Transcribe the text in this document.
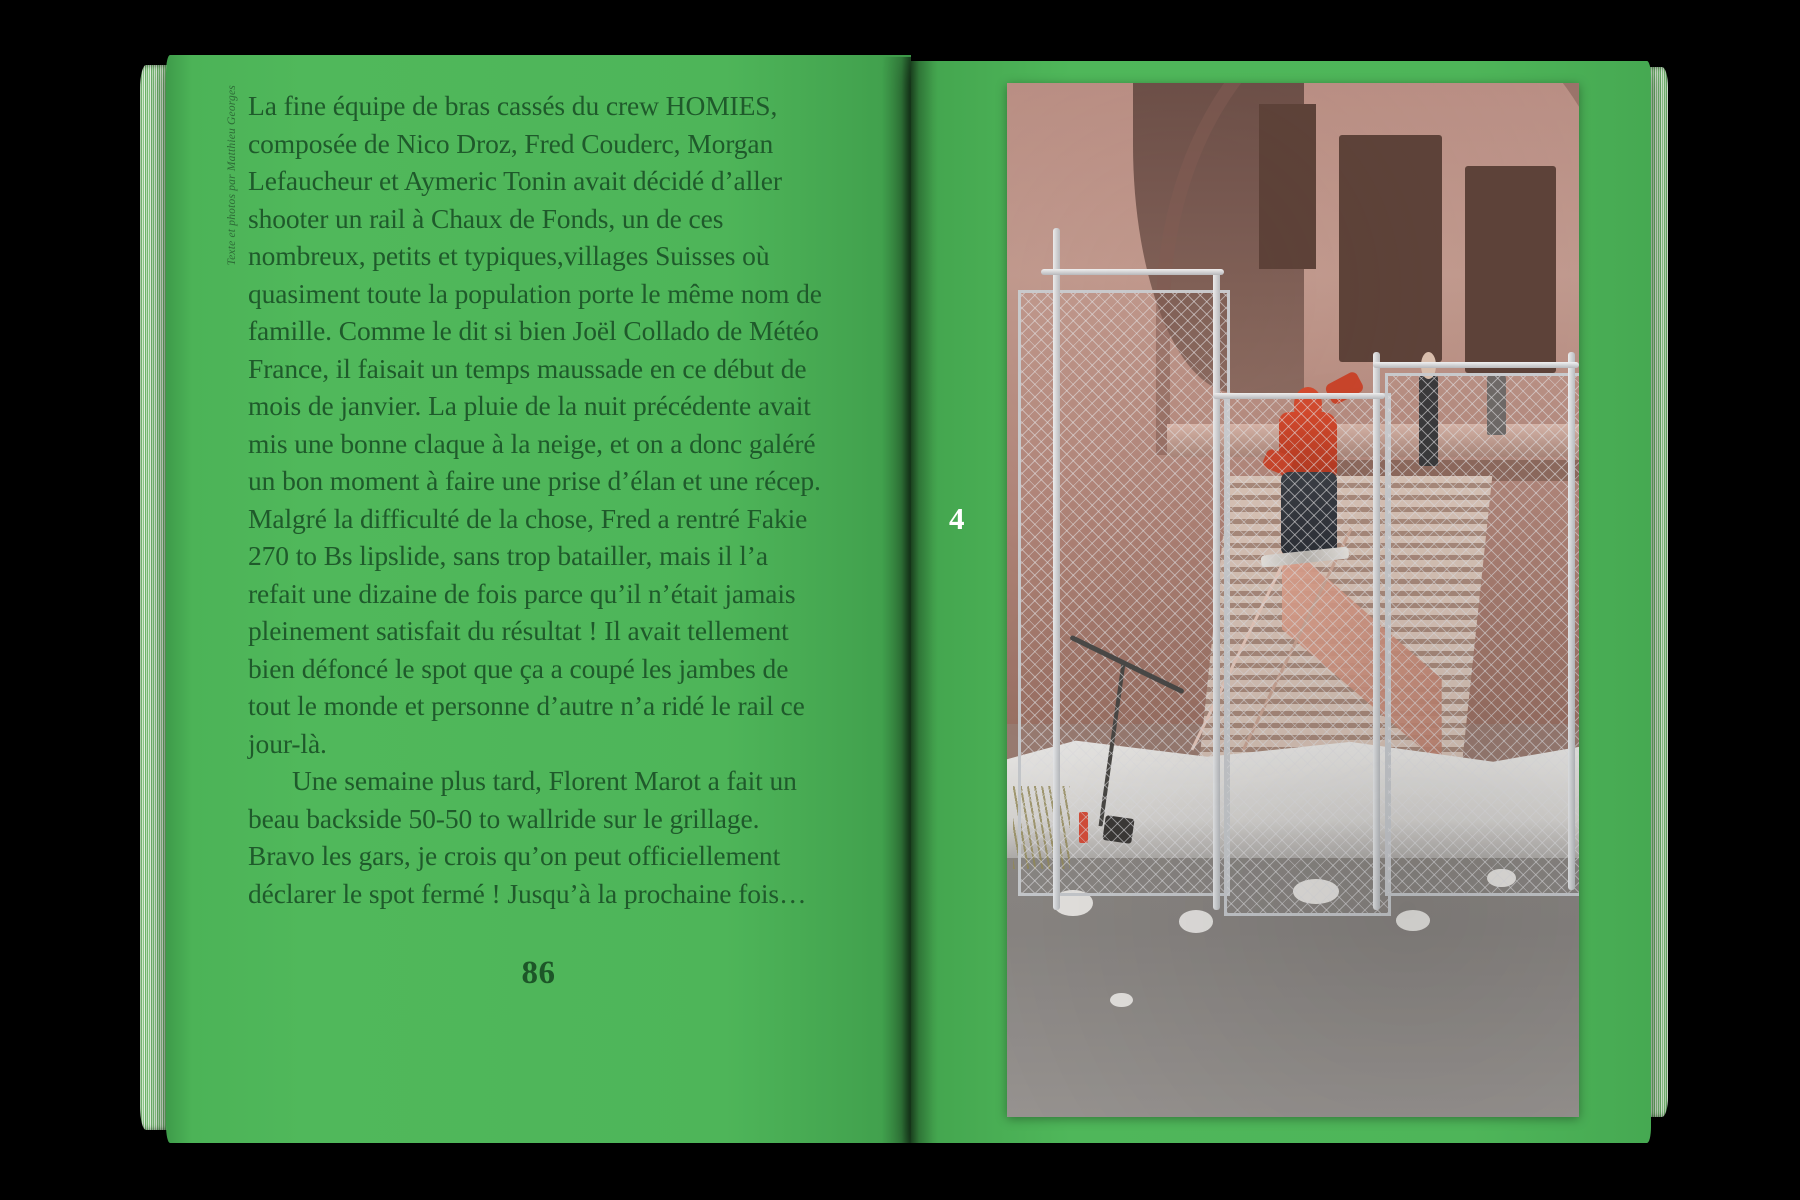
Texte et photos par Matthieu Georges La fine équipe de bras cassés du crew HOMIES, composée de Nico Droz, Fred Couderc, Morgan Lefaucheur et Aymeric Tonin avait décidé d’aller shooter un rail à Chaux de Fonds, un de ces nombreux, petits et typiques,villages Suisses où quasiment toute la population porte le même nom de famille. Comme le dit si bien Joël Collado de Météo France, il faisait un temps maussade en ce début de mois de janvier. La pluie de la nuit précédente avait mis une bonne claque à la neige, et on a donc galéré un bon moment à faire une prise d’élan et une récep. Malgré la difficulté de la chose, Fred a rentré Fakie 270 to Bs lipslide, sans trop batailler, mais il l’a refait une dizaine de fois parce qu’il n’était jamais pleinement satisfait du résultat ! Il avait tellement bien défoncé le spot que ça a coupé les jambes de tout le monde et personne d’autre n’a ridé le rail ce jour-là.

Une semaine plus tard, Florent Marot a fait un beau backside 50-50 to wallride sur le grillage. Bravo les gars, je crois qu’on peut officiellement déclarer le spot fermé ! Jusqu’à la prochaine fois…

86
4
